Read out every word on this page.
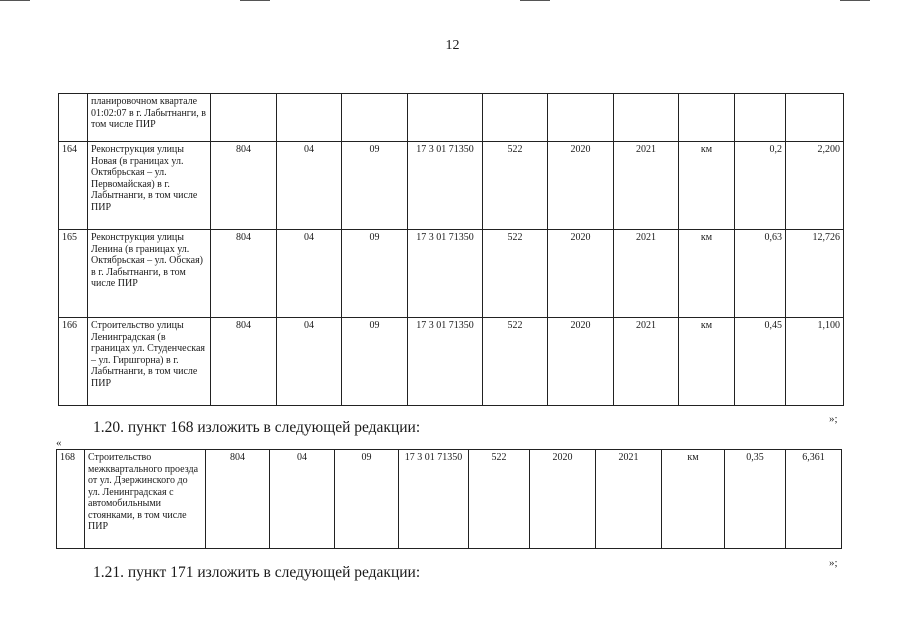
12
	планировочном квартале 01:02:07 в г. Лабытнанги, в том числе ПИР										
164	Реконструкция улицы Новая (в границах ул. Октябрьская – ул. Первомайская) в г. Лабытнанги, в том числе ПИР	804	04	09	17 3 01 71350	522	2020	2021	км	0,2	2,200
165	Реконструкция улицы Ленина (в границах ул. Октябрьская – ул. Обская) в г. Лабытнанги, в том числе ПИР	804	04	09	17 3 01 71350	522	2020	2021	км	0,63	12,726
166	Строительство улицы Ленинградская (в границах ул. Студенческая – ул. Гиршгорна) в г. Лабытнанги, в том числе ПИР	804	04	09	17 3 01 71350	522	2020	2021	км	0,45	1,100
1.20. пункт 168 изложить в следующей редакции:	»;
«
168	Строительство межквартального проезда от ул. Дзержинского до ул. Ленинградская с автомобильными стоянками, в том числе ПИР	804	04	09	17 3 01 71350	522	2020	2021	км	0,35	6,361
»;
1.21. пункт 171 изложить в следующей редакции:
